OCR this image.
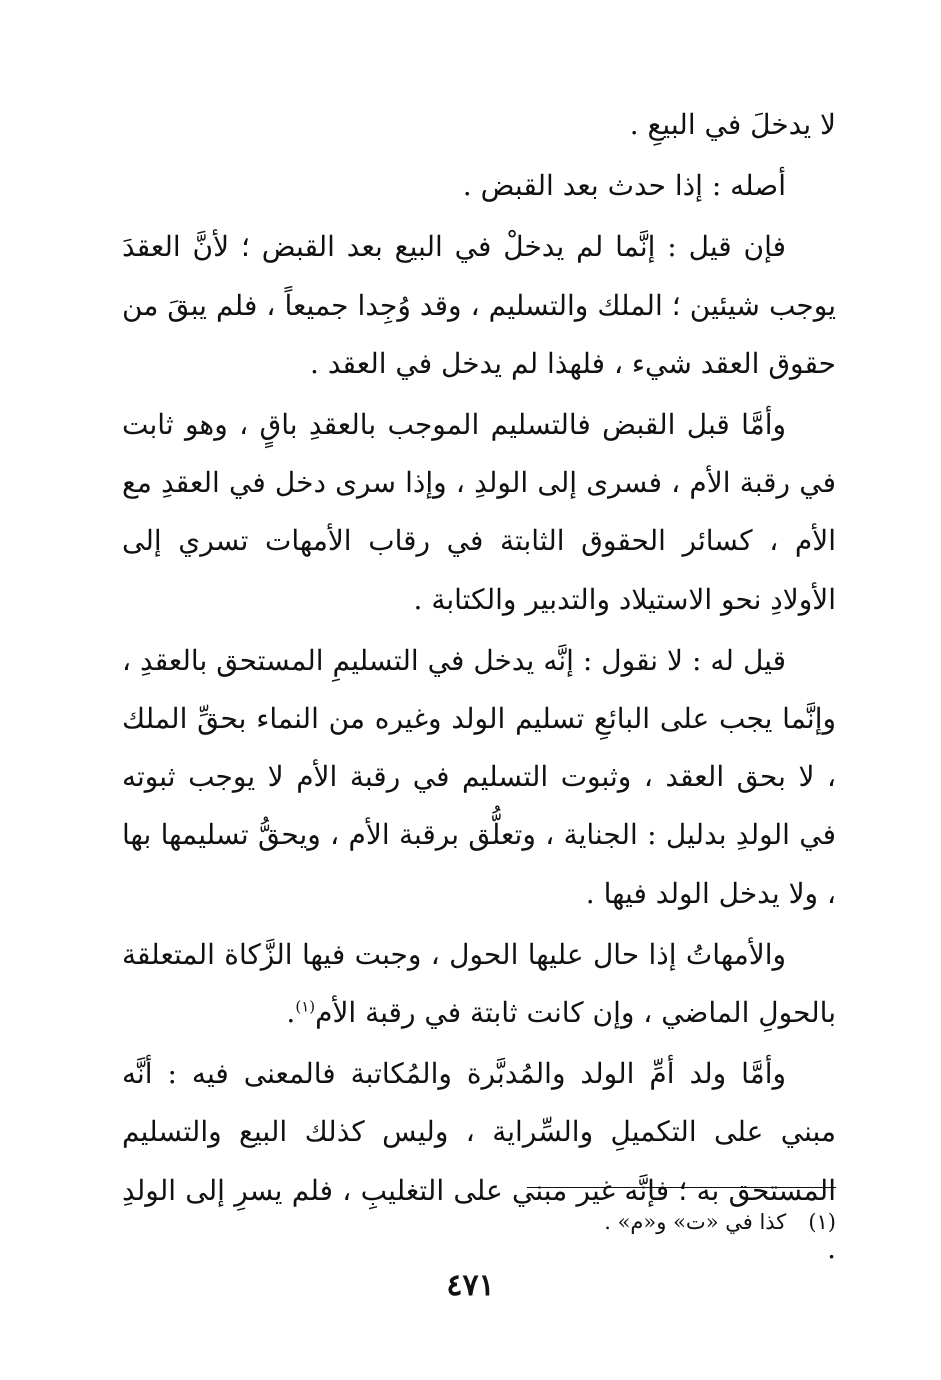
لا يدخلَ في البيعِ .

أصله : إذا حدث بعد القبض .

فإن قيل : إنَّما لم يدخلْ في البيع بعد القبض ؛ لأنَّ العقدَ يوجب شيئين ؛ الملك والتسليم ، وقد وُجِدا جميعاً ، فلم يبقَ من حقوق العقد شيء ، فلهذا لم يدخل في العقد .

وأمَّا قبل القبض فالتسليم الموجب بالعقدِ باقٍ ، وهو ثابت في رقبة الأم ، فسرى إلى الولدِ ، وإذا سرى دخل في العقدِ مع الأم ، كسائر الحقوق الثابتة في رقاب الأمهات تسري إلى الأولادِ نحو الاستيلاد والتدبير والكتابة .

قيل له : لا نقول : إنَّه يدخل في التسليمِ المستحق بالعقدِ ، وإنَّما يجب على البائعِ تسليم الولد وغيره من النماء بحقِّ الملك ، لا بحق العقد ، وثبوت التسليم في رقبة الأم لا يوجب ثبوته في الولدِ بدليل : الجناية ، وتعلُّق برقبة الأم ، ويحقُّ تسليمها بها ، ولا يدخل الولد فيها .

والأمهاتُ إذا حال عليها الحول ، وجبت فيها الزَّكاة المتعلقة بالحولِ الماضي ، وإن كانت ثابتة في رقبة الأم$^{(١)}$.

وأمَّا ولد أمِّ الولد والمُدبَّرة والمُكاتبة فالمعنى فيه : أنَّه مبني على التكميلِ والسِّراية ، وليس كذلك البيع والتسليم المستحق به ؛ فإنَّه غير مبني على التغليبِ ، فلم يسرِ إلى الولدِ .

(١)كذا في «ت» و«م» .
٤٧١
